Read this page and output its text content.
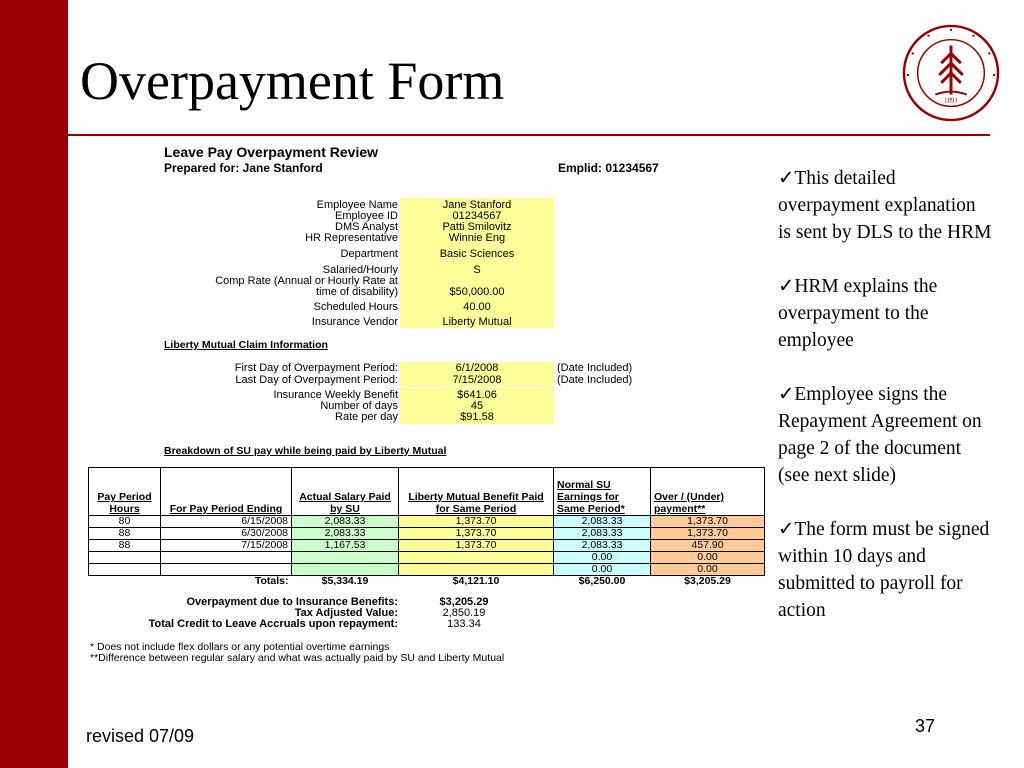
Overpayment Form	1891
Leave Pay Overpayment Review
Prepared for: Jane Stanford	Emplid: 01234567
Employee Name	Jane Stanford
Employee ID	01234567
DMS Analyst	Patti Smilovitz
HR Representative	Winnie Eng
Department	Basic Sciences
Salaried/Hourly	S
Comp Rate (Annual or Hourly Rate at
time of disability)	$50,000.00
Scheduled Hours	40.00
Insurance Vendor	Liberty Mutual
Liberty Mutual Claim Information
First Day of Overpayment Period:	6/1/2008	(Date Included)
Last Day of Overpayment Period:	7/15/2008	(Date Included)
Insurance Weekly Benefit	$641.06
Number of days	45
Rate per day	$91.58
Breakdown of SU pay while being paid by Liberty Mutual
Pay Period Hours	For Pay Period Ending	Actual Salary Paid by SU	Liberty Mutual Benefit Paid for Same Period	Normal SU Earnings for Same Period*	Over / (Under) payment**
80	6/15/2008	2,083.33	1,373.70	2,083.33	1,373.70
88	6/30/2008	2,083.33	1,373.70	2,083.33	1,373.70
88	7/15/2008	1,167.53	1,373.70	2,083.33	457.90
				0.00	0.00
				0.00	0.00
	Totals:	$5,334.19	$4,121.10	$6,250.00	$3,205.29
Overpayment due to Insurance Benefits:	$3,205.29
Tax Adjusted Value:	2,850.19
Total Credit to Leave Accruals upon repayment:	133.34
* Does not include flex dollars or any potential overtime earnings
**Difference between regular salary and what was actually paid by SU and Liberty Mutual

✓This detailed overpayment explanation is sent by DLS to the HRM

✓HRM explains the overpayment to the employee

✓Employee signs the Repayment Agreement on page 2 of the document (see next slide)

✓The form must be signed within 10 days and submitted to payroll for action

revised 07/09	37
